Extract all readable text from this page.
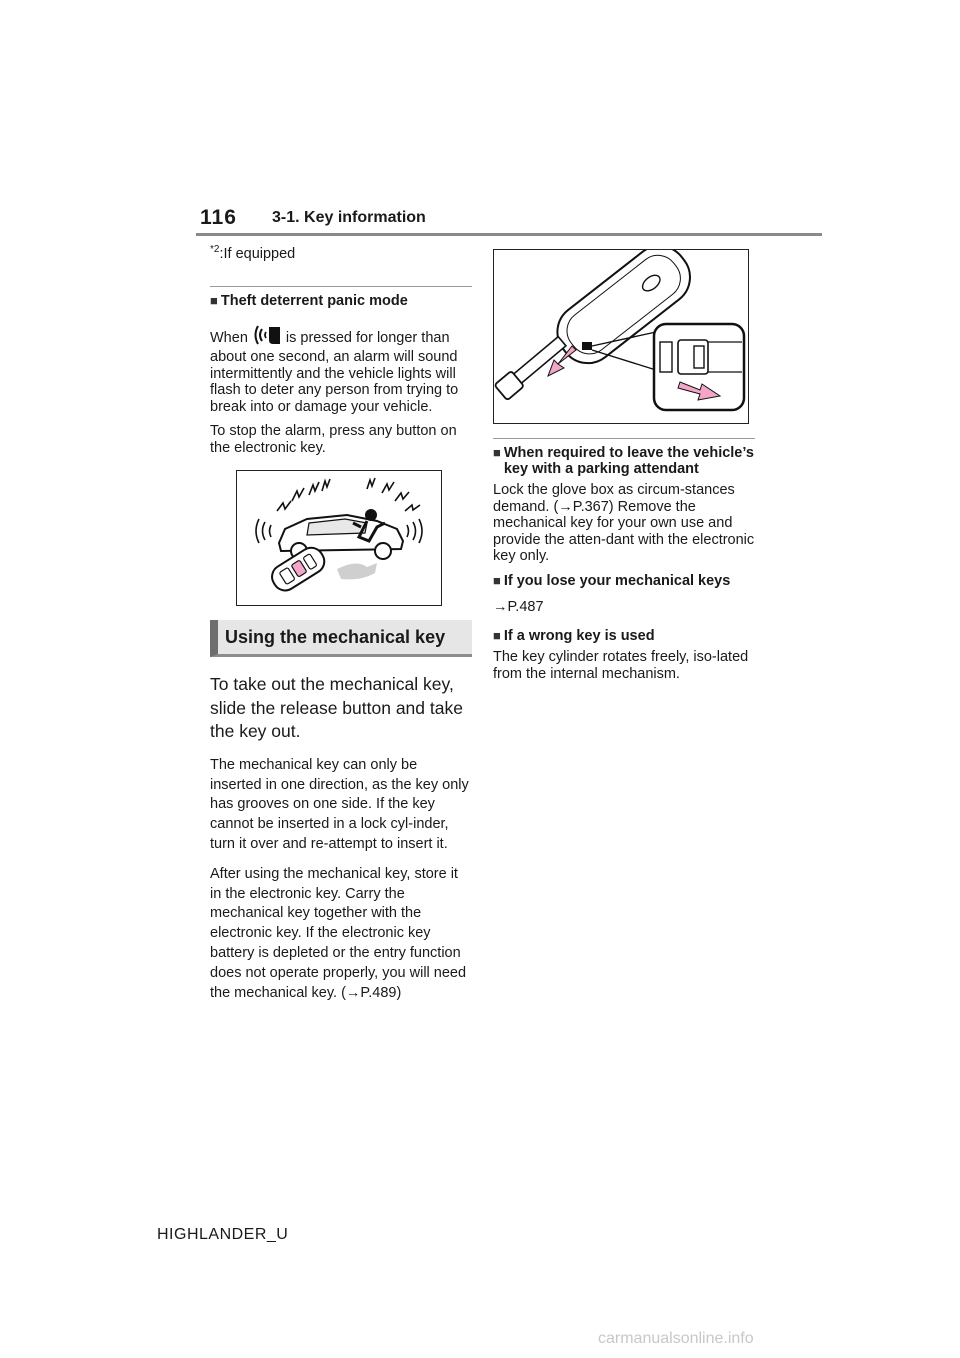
116 3-1. Key information
$^{*2}$:If equipped
■ Theft deterrent panic mode

When	is pressed for longer than about one second, an alarm will sound intermittently and the vehicle lights will flash to deter any person from trying to break into or damage your vehicle.

To stop the alarm, press any button on the electronic key.

Using the mechanical key

To take out the mechanical key, slide the release button and take the key out.

The mechanical key can only be inserted in one direction, as the key only has grooves on one side. If the key cannot be inserted in a lock cyl-inder, turn it over and re-attempt to insert it.

After using the mechanical key, store it in the electronic key. Carry the mechanical key together with the electronic key. If the electronic key battery is depleted or the entry function does not operate properly, you will need the mechanical key. (→P.489)

■ When required to leave the vehicle’s key with a parking attendant

Lock the glove box as circum-stances demand. (→P.367) Remove the mechanical key for your own use and provide the atten-dant with the electronic key only.

■ If you lose your mechanical keys

→P.487

■ If a wrong key is used

The key cylinder rotates freely, iso-lated from the internal mechanism.

HIGHLANDER_U
carmanualsonline.info
